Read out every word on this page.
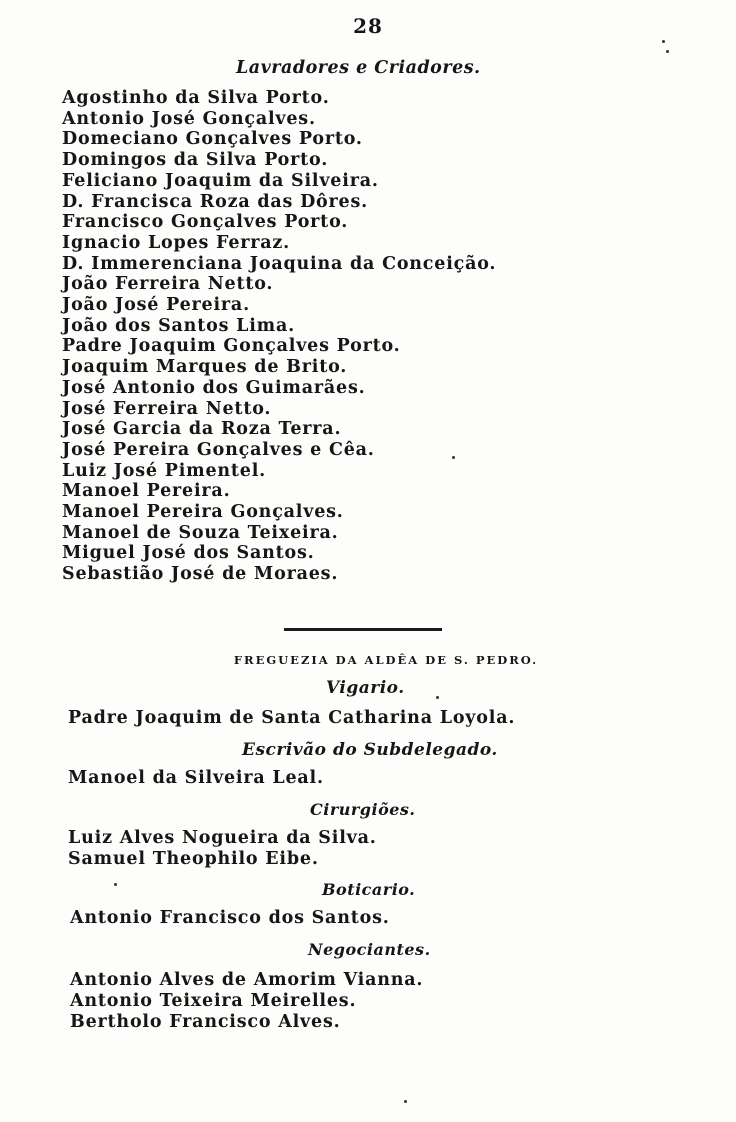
28
Lavradores e Criadores.
Agostinho da Silva Porto.
Antonio José Gonçalves.
Domeciano Gonçalves Porto.
Domingos da Silva Porto.
Feliciano Joaquim da Silveira.
D. Francisca Roza das Dôres.
Francisco Gonçalves Porto.
Ignacio Lopes Ferraz.
D. Immerenciana Joaquina da Conceição.
João Ferreira Netto.
João José Pereira.
João dos Santos Lima.
Padre Joaquim Gonçalves Porto.
Joaquim Marques de Brito.
José Antonio dos Guimarães.
José Ferreira Netto.
José Garcia da Roza Terra.
José Pereira Gonçalves e Cêa.
Luiz José Pimentel.
Manoel Pereira.
Manoel Pereira Gonçalves.
Manoel de Souza Teixeira.
Miguel José dos Santos.
Sebastião José de Moraes.
FREGUEZIA DA ALDÊA DE S. PEDRO.
Vigario.
Padre Joaquim de Santa Catharina Loyola.
Escrivão do Subdelegado.
Manoel da Silveira Leal.
Cirurgiões.
Luiz Alves Nogueira da Silva.
Samuel Theophilo Eibe.
Boticario.
Antonio Francisco dos Santos.
Negociantes.
Antonio Alves de Amorim Vianna.
Antonio Teixeira Meirelles.
Bertholo Francisco Alves.
